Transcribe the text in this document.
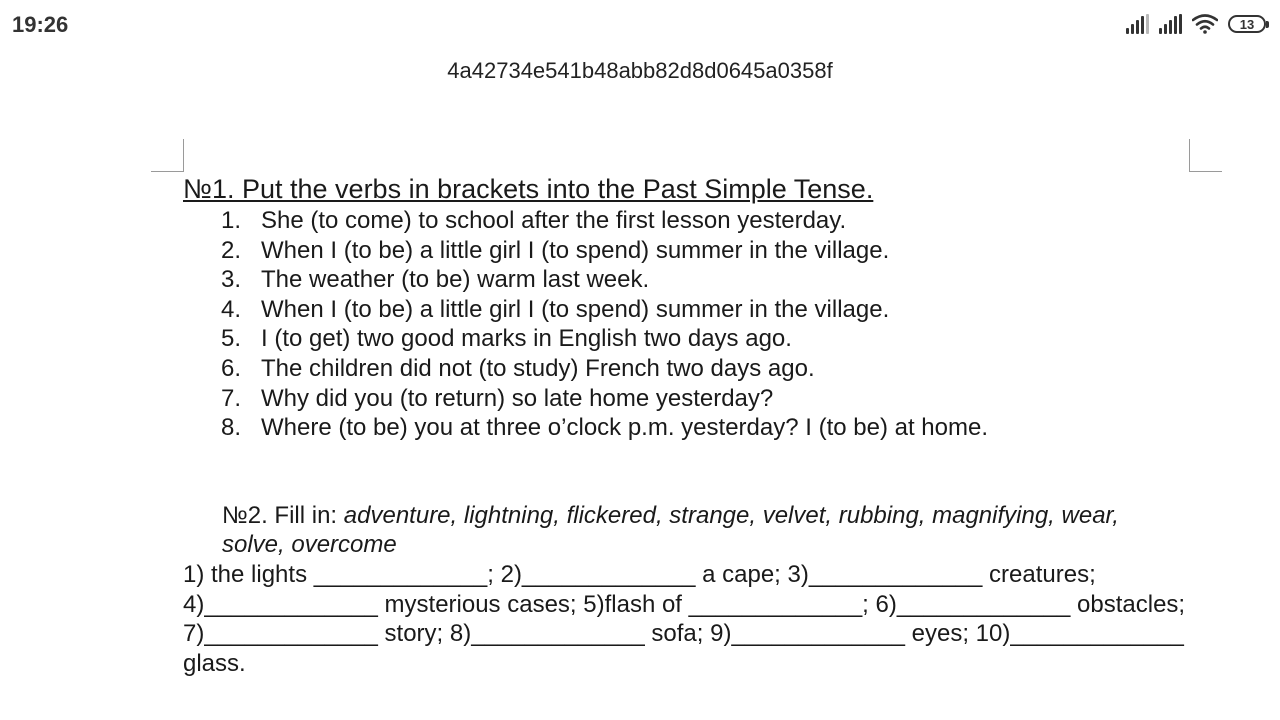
19:26	13
4a42734e541b48abb82d8d0645a0358f
№1. Put the verbs in brackets into the Past Simple Tense.
1. She (to come) to school after the first lesson yesterday.
2. When I (to be) a little girl I (to spend) summer in the village.
3. The weather (to be) warm last week.
4. When I (to be) a little girl I (to spend) summer in the village.
5. I (to get) two good marks in English two days ago.
6. The children did not (to study) French two days ago.
7. Why did you (to return) so late home yesterday?
8. Where (to be) you at three o’clock p.m. yesterday? I (to be) at home.
№2. Fill in: adventure, lightning, flickered, strange, velvet, rubbing, magnifying, wear,
solve, overcome
1) the lights _____________; 2)_____________ a cape; 3)_____________ creatures;
4)_____________ mysterious cases; 5)flash of _____________; 6)_____________ obstacles;
7)_____________ story; 8)_____________ sofa; 9)_____________ eyes; 10)_____________
glass.
